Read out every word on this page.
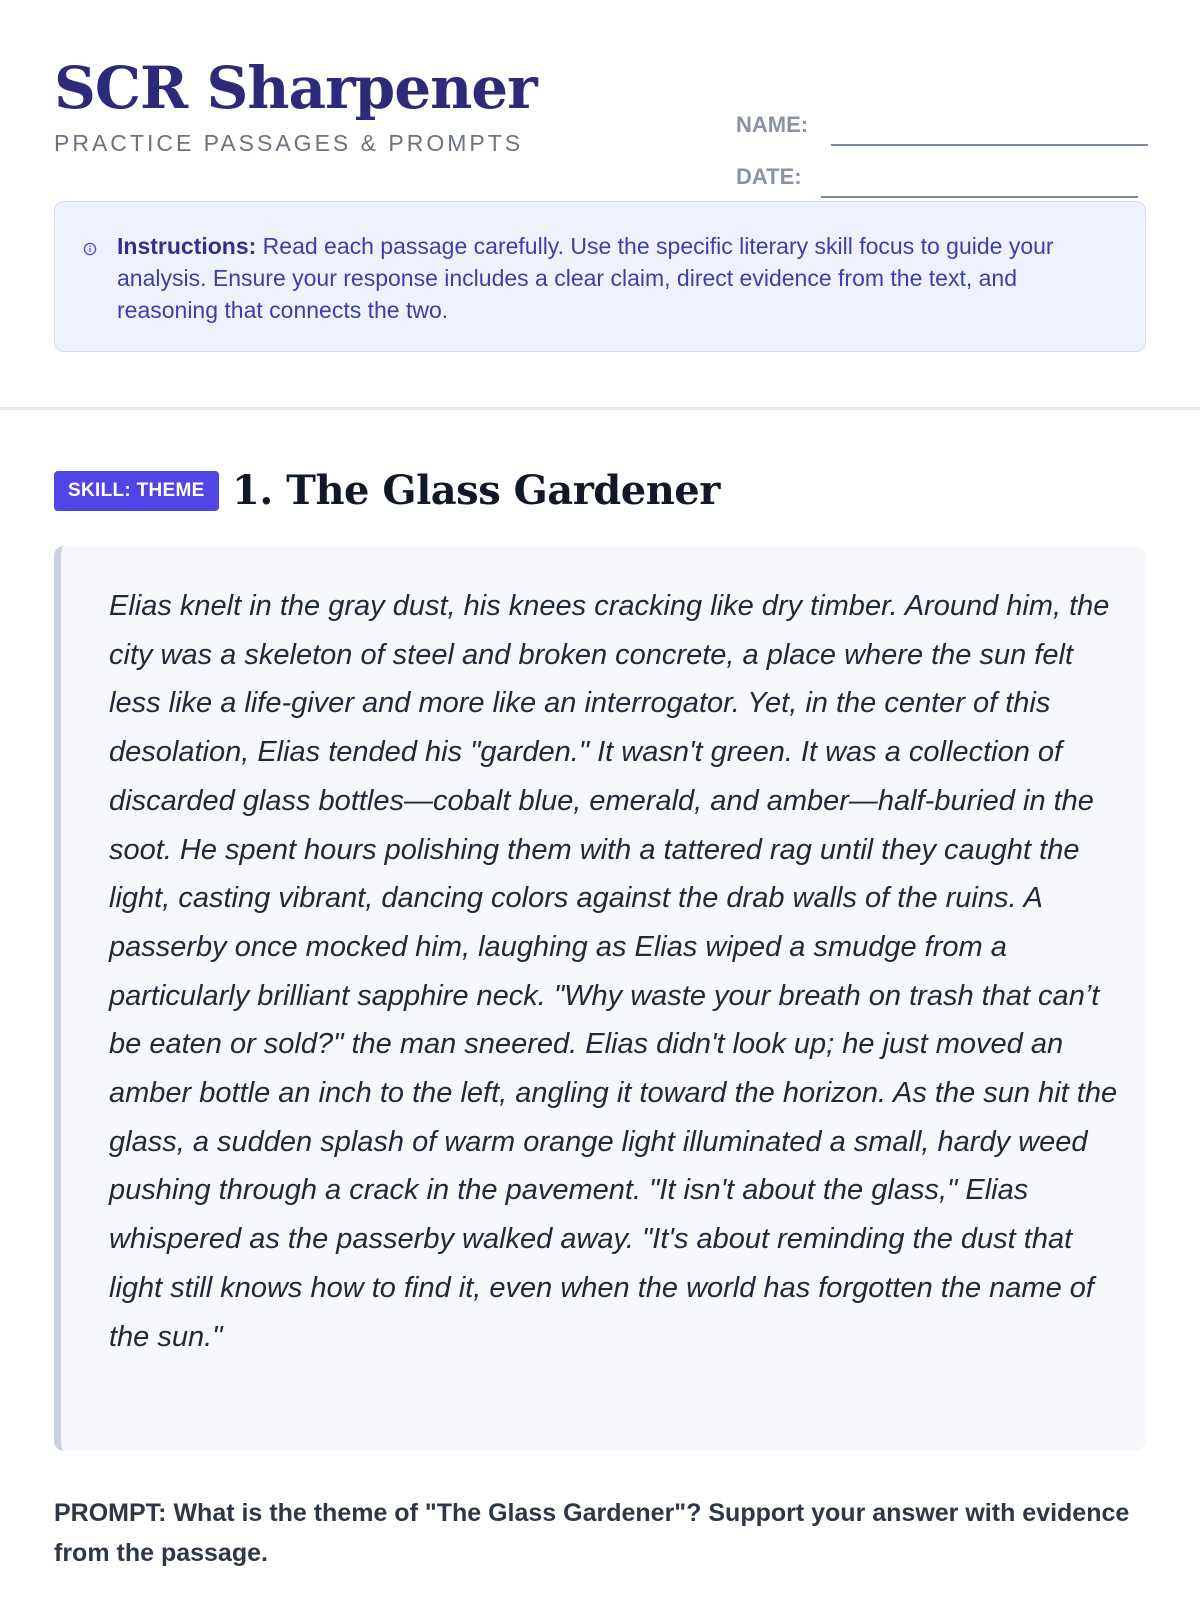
SCR Sharpener
PRACTICE PASSAGES & PROMPTS
NAME:
DATE:
Instructions: Read each passage carefully. Use the specific literary skill focus to guide your analysis. Ensure your response includes a clear claim, direct evidence from the text, and reasoning that connects the two.
SKILL: THEME 1. The Glass Gardener

Elias knelt in the gray dust, his knees cracking like dry timber. Around him, the city was a skeleton of steel and broken concrete, a place where the sun felt less like a life-giver and more like an interrogator. Yet, in the center of this desolation, Elias tended his "garden." It wasn't green. It was a collection of discarded glass bottles—cobalt blue, emerald, and amber—half-buried in the soot. He spent hours polishing them with a tattered rag until they caught the light, casting vibrant, dancing colors against the drab walls of the ruins. A passerby once mocked him, laughing as Elias wiped a smudge from a particularly brilliant sapphire neck. "Why waste your breath on trash that can’t be eaten or sold?" the man sneered. Elias didn't look up; he just moved an amber bottle an inch to the left, angling it toward the horizon. As the sun hit the glass, a sudden splash of warm orange light illuminated a small, hardy weed pushing through a crack in the pavement. "It isn't about the glass," Elias whispered as the passerby walked away. "It's about reminding the dust that light still knows how to find it, even when the world has forgotten the name of the sun."

PROMPT: What is the theme of "The Glass Gardener"? Support your answer with evidence from the passage.
